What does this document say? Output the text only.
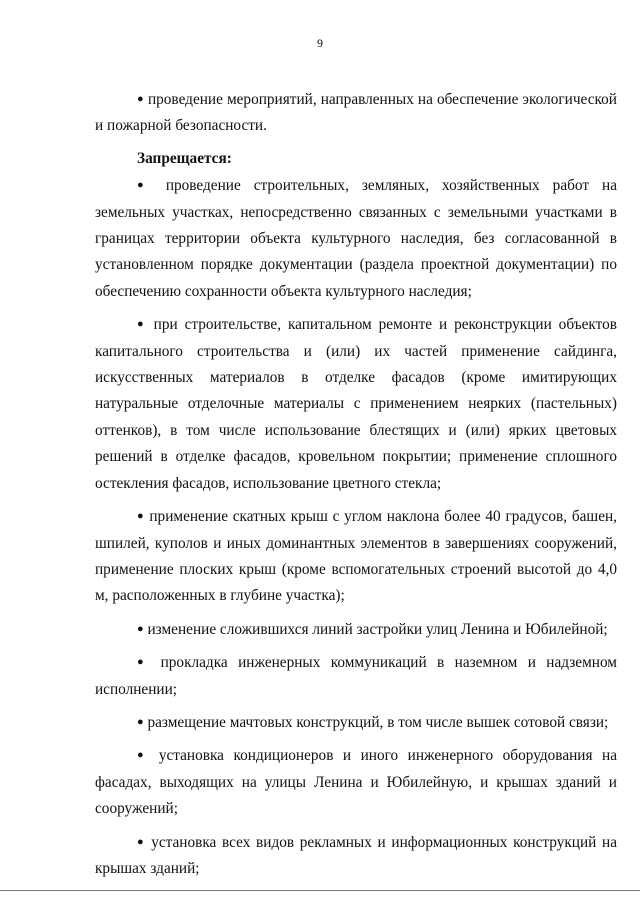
9

● проведение мероприятий, направленных на обеспечение экологической и пожарной безопасности.

Запрещается:

● проведение строительных, земляных, хозяйственных работ на земельных участках, непосредственно связанных с земельными участками в границах территории объекта культурного наследия, без согласованной в установленном порядке документации (раздела проектной документации) по обеспечению сохранности объекта культурного наследия;

● при строительстве, капитальном ремонте и реконструкции объектов капитального строительства и (или) их частей применение сайдинга, искусственных материалов в отделке фасадов (кроме имитирующих натуральные отделочные материалы с применением неярких (пастельных) оттенков), в том числе использование блестящих и (или) ярких цветовых решений в отделке фасадов, кровельном покрытии; применение сплошного остекления фасадов, использование цветного стекла;

● применение скатных крыш с углом наклона более 40 градусов, башен, шпилей, куполов и иных доминантных элементов в завершениях сооружений, применение плоских крыш (кроме вспомогательных строений высотой до 4,0 м, расположенных в глубине участка);

● изменение сложившихся линий застройки улиц Ленина и Юбилейной;

● прокладка инженерных коммуникаций в наземном и надземном исполнении;

● размещение мачтовых конструкций, в том числе вышек сотовой связи;

● установка кондиционеров и иного инженерного оборудования на фасадах, выходящих на улицы Ленина и Юбилейную, и крышах зданий и сооружений;

● установка всех видов рекламных и информационных конструкций на крышах зданий;
